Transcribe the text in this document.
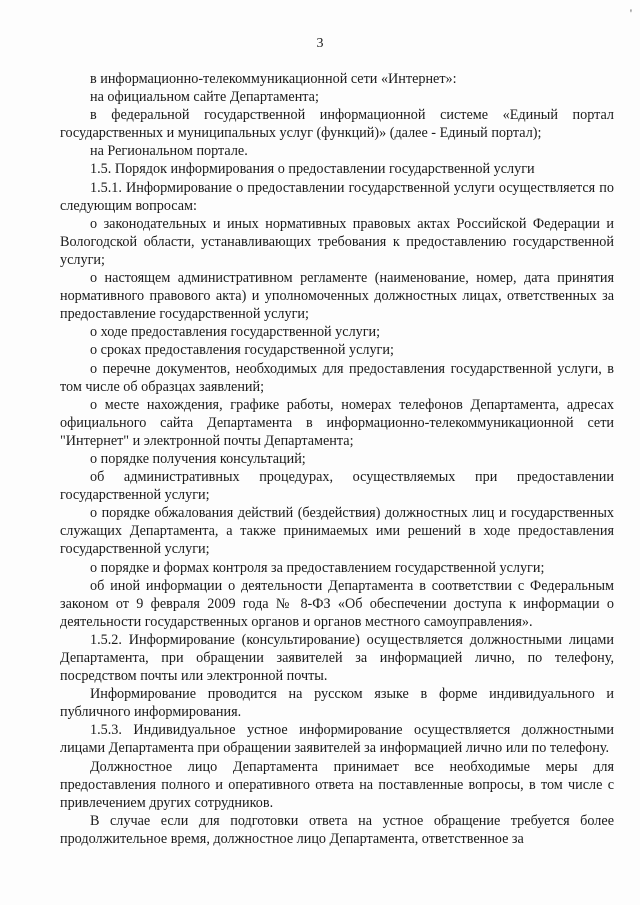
'
3

в информационно-телекоммуникационной сети «Интернет»:

на официальном сайте Департамента;

в федеральной государственной информационной системе «Единый портал государственных и муниципальных услуг (функций)» (далее - Единый портал);

на Региональном портале.

1.5. Порядок информирования о предоставлении государственной услуги

1.5.1. Информирование о предоставлении государственной услуги осуществляется по следующим вопросам:

о законодательных и иных нормативных правовых актах Российской Федерации и Вологодской области, устанавливающих требования к предоставлению государственной услуги;

о настоящем административном регламенте (наименование, номер, дата принятия нормативного правового акта) и уполномоченных должностных лицах, ответственных за предоставление государственной услуги;

о ходе предоставления государственной услуги;

о сроках предоставления государственной услуги;

о перечне документов, необходимых для предоставления государственной услуги, в том числе об образцах заявлений;

о месте нахождения, графике работы, номерах телефонов Департамента, адресах официального сайта Департамента в информационно-телекоммуникационной сети "Интернет" и электронной почты Департамента;

о порядке получения консультаций;

об административных процедурах, осуществляемых при предоставлении государственной услуги;

о порядке обжалования действий (бездействия) должностных лиц и государственных служащих Департамента, а также принимаемых ими решений в ходе предоставления государственной услуги;

о порядке и формах контроля за предоставлением государственной услуги;

об иной информации о деятельности Департамента в соответствии с Федеральным законом от 9 февраля 2009 года № 8-ФЗ «Об обеспечении доступа к информации о деятельности государственных органов и органов местного самоуправления».

1.5.2. Информирование (консультирование) осуществляется должностными лицами Департамента, при обращении заявителей за информацией лично, по телефону, посредством почты или электронной почты.

Информирование проводится на русском языке в форме индивидуального и публичного информирования.

1.5.3. Индивидуальное устное информирование осуществляется должностными лицами Департамента при обращении заявителей за информацией лично или по телефону.

Должностное лицо Департамента принимает все необходимые меры для предоставления полного и оперативного ответа на поставленные вопросы, в том числе с привлечением других сотрудников.

В случае если для подготовки ответа на устное обращение требуется более продолжительное время, должностное лицо Департамента, ответственное за
